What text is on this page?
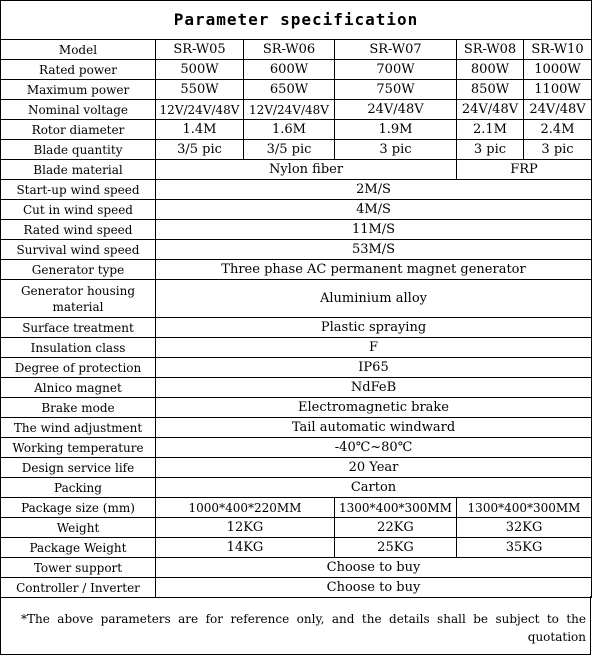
Parameter specification					
Model	SR-W05	SR-W06	SR-W07	SR-W08	SR-W10
Rated power	500W	600W	700W	800W	1000W
Maximum power	550W	650W	750W	850W	1100W
Nominal voltage	12V/24V/48V	12V/24V/48V	24V/48V	24V/48V	24V/48V
Rotor diameter	1.4M	1.6M	1.9M	2.1M	2.4M
Blade quantity	3/5 pic	3/5 pic	3 pic	3 pic	3 pic
Blade material	Nylon fiber			FRP	
Start-up wind speed	2M/S				
Cut in wind speed	4M/S				
Rated wind speed	11M/S				
Survival wind speed	53M/S				
Generator type	Three phase AC permanent magnet generator				
Generator housing material	Aluminium alloy				
Surface treatment	Plastic spraying				
Insulation class	F				
Degree of protection	IP65				
Alnico magnet	NdFeB				
Brake mode	Electromagnetic brake				
The wind adjustment	Tail automatic windward				
Working temperature	-40℃~80℃				
Design service life	20 Year				
Packing	Carton				
Package size (mm)	1000*400*220MM		1300*400*300MM	1300*400*300MM	
Weight	12KG		22KG	32KG	
Package Weight	14KG		25KG	35KG	
Tower support	Choose to buy				
Controller / Inverter	Choose to buy				
*The above parameters are for reference only, and the details shall be subject to the quotation
